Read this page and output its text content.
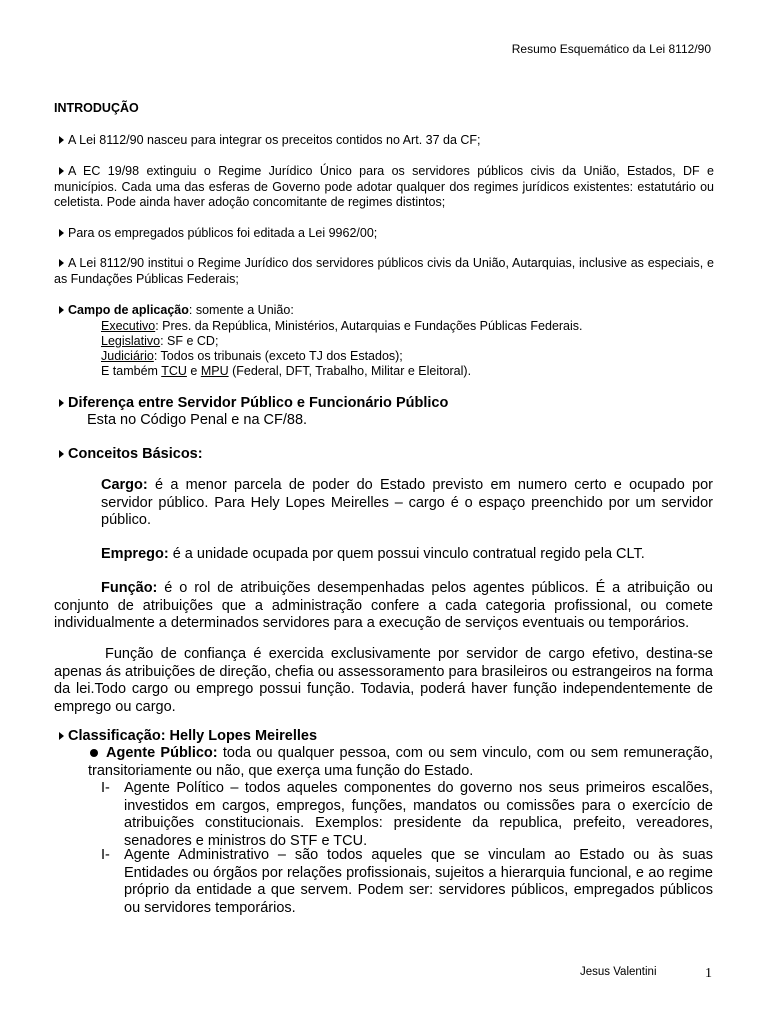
Resumo Esquemático da Lei 8112/90
INTRODUÇÃO
A Lei 8112/90 nasceu para integrar os preceitos contidos no Art. 37 da CF;
A EC 19/98 extinguiu o Regime Jurídico Único para os servidores públicos civis da União, Estados, DF e municípios. Cada uma das esferas de Governo pode adotar qualquer dos regimes jurídicos existentes: estatutário ou celetista. Pode ainda haver adoção concomitante de regimes distintos;
Para os empregados públicos foi editada a Lei 9962/00;
A Lei 8112/90 institui o Regime Jurídico dos servidores públicos civis da União, Autarquias, inclusive as especiais, e as Fundações Públicas Federais;
Campo de aplicação: somente a União:
Executivo: Pres. da República, Ministérios, Autarquias e Fundações Públicas Federais.
Legislativo: SF e CD;
Judiciário: Todos os tribunais (exceto TJ dos Estados);
E também TCU e MPU (Federal, DFT, Trabalho, Militar e Eleitoral).
Diferença entre Servidor Público e Funcionário Público
Esta no Código Penal e na CF/88.
Conceitos Básicos:
Cargo: é a menor parcela de poder do Estado previsto em numero certo e ocupado por servidor público. Para Hely Lopes Meirelles – cargo é o espaço preenchido por um servidor público.
Emprego: é a unidade ocupada por quem possui vinculo contratual regido pela CLT.
Função: é o rol de atribuições desempenhadas pelos agentes públicos. É a atribuição ou conjunto de atribuições que a administração confere a cada categoria profissional, ou comete individualmente a determinados servidores para a execução de serviços eventuais ou temporários.
Função de confiança é exercida exclusivamente por servidor de cargo efetivo, destina-se apenas ás atribuições de direção, chefia ou assessoramento para brasileiros ou estrangeiros na forma da lei.Todo cargo ou emprego possui função. Todavia, poderá haver função independentemente de emprego ou cargo.
Classificação: Helly Lopes Meirelles
Agente Público: toda ou qualquer pessoa, com ou sem vinculo, com ou sem remuneração, transitoriamente ou não, que exerça uma função do Estado.
I- Agente Político – todos aqueles componentes do governo nos seus primeiros escalões, investidos em cargos, empregos, funções, mandatos ou comissões para o exercício de atribuições constitucionais. Exemplos: presidente da republica, prefeito, vereadores, senadores e ministros do STF e TCU.
I- Agente Administrativo – são todos aqueles que se vinculam ao Estado ou às suas Entidades ou órgãos por relações profissionais, sujeitos a hierarquia funcional, e ao regime próprio da entidade a que servem. Podem ser: servidores públicos, empregados públicos ou servidores temporários.
Jesus Valentini	1
